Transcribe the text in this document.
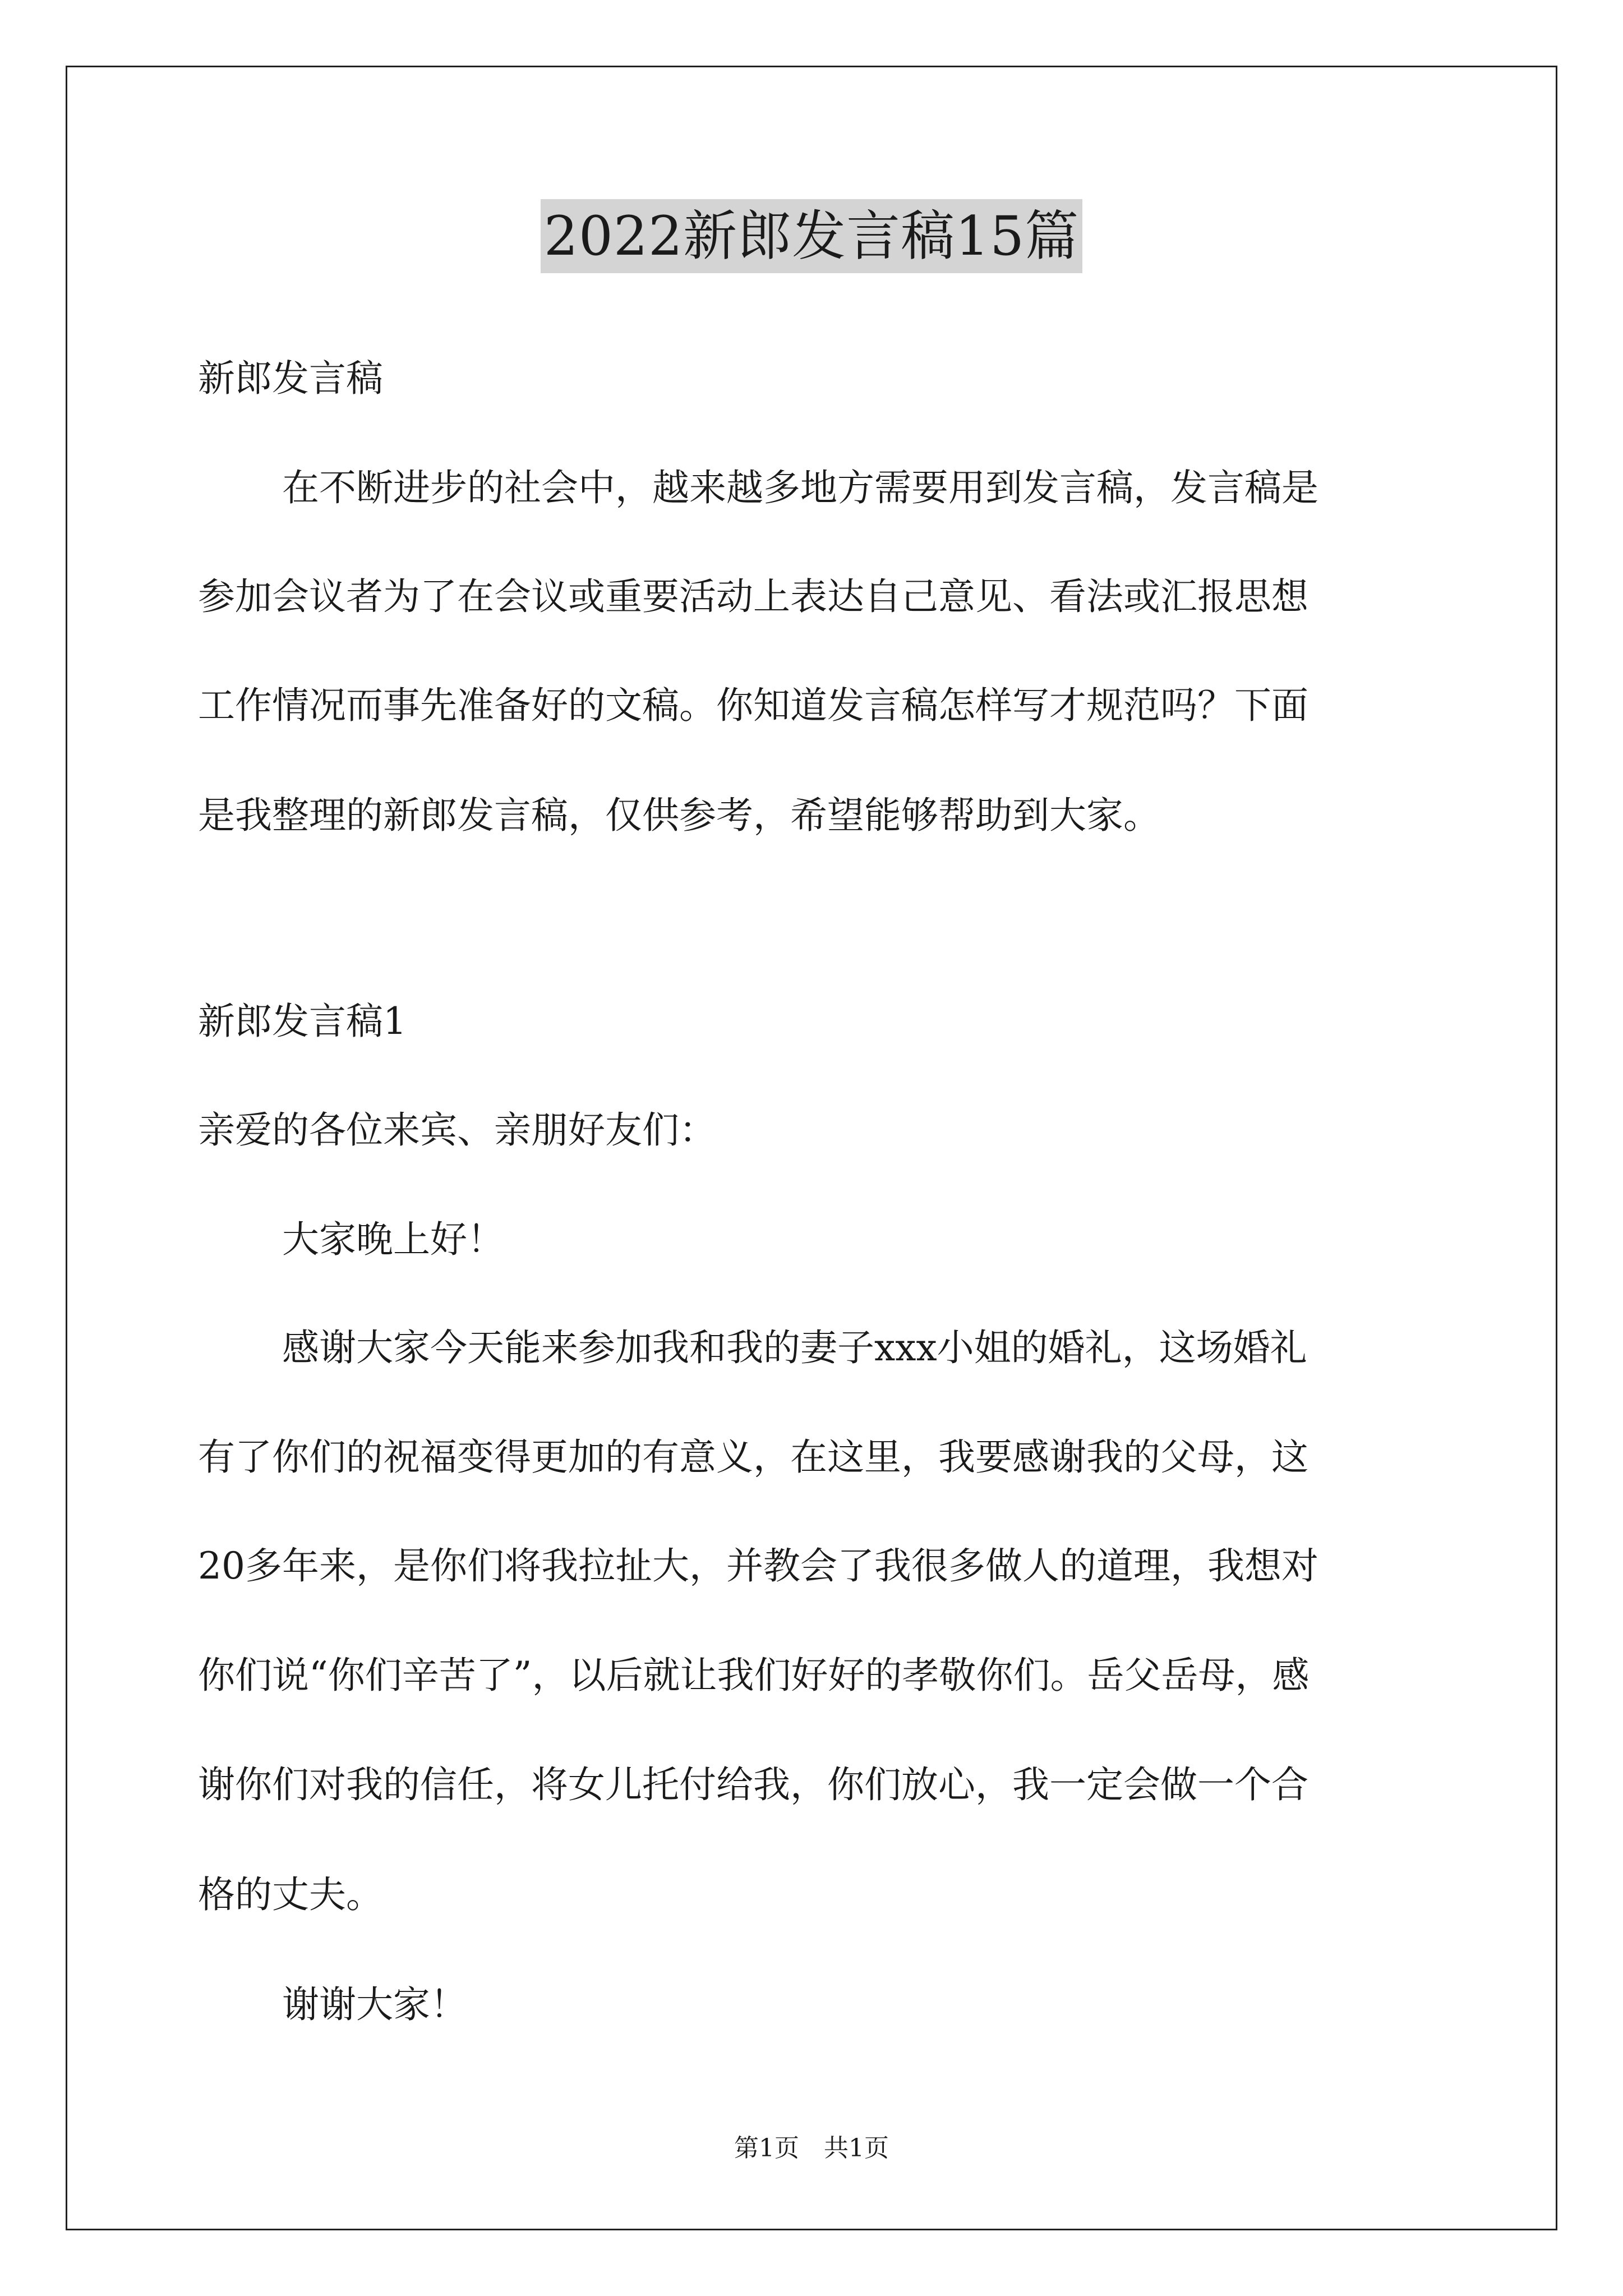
2022新郎发言稿15篇
新郎发言稿
在不断进步的社会中，越来越多地方需要用到发言稿，发言稿是
参加会议者为了在会议或重要活动上表达自己意见、看法或汇报思想
工作情况而事先准备好的文稿。你知道发言稿怎样写才规范吗？下面
是我整理的新郎发言稿，仅供参考，希望能够帮助到大家。
新郎发言稿1
亲爱的各位来宾、亲朋好友们：
大家晚上好！
感谢大家今天能来参加我和我的妻子xxx小姐的婚礼，这场婚礼
有了你们的祝福变得更加的有意义，在这里，我要感谢我的父母，这
20多年来，是你们将我拉扯大，并教会了我很多做人的道理，我想对
你们说“你们辛苦了”，以后就让我们好好的孝敬你们。岳父岳母，感
谢你们对我的信任，将女儿托付给我，你们放心，我一定会做一个合
格的丈夫。
谢谢大家！
第1页　共1页
